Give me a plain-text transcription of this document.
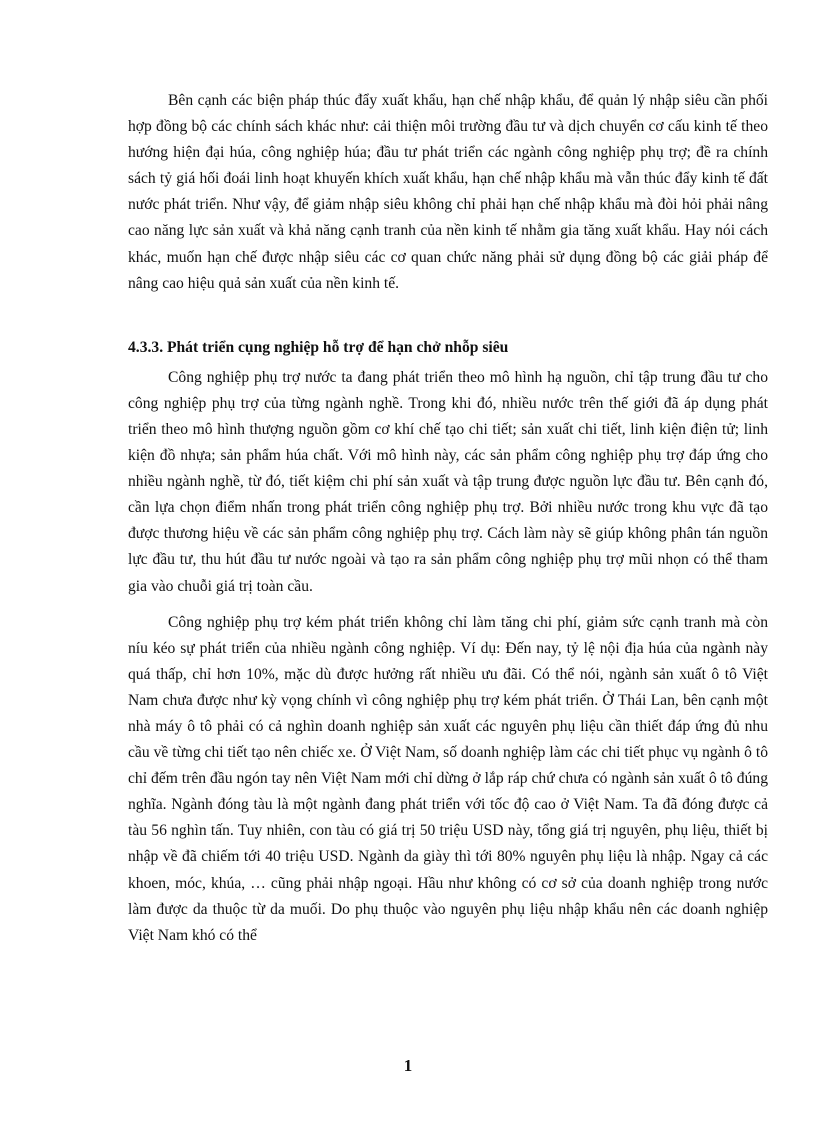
Bên cạnh các biện pháp thúc đẩy xuất khẩu, hạn chế nhập khẩu, để quản lý nhập siêu cần phối hợp đồng bộ các chính sách khác như: cải thiện môi trường đầu tư và dịch chuyển cơ cấu kinh tế theo hướng hiện đại húa, công nghiệp húa; đầu tư phát triển các ngành công nghiệp phụ trợ; đề ra chính sách tỷ giá hối đoái linh hoạt khuyến khích xuất khẩu, hạn chế nhập khẩu mà vẫn thúc đẩy kinh tế đất nước phát triển. Như vậy, để giảm nhập siêu không chỉ phải hạn chế nhập khẩu mà đòi hỏi phải nâng cao năng lực sản xuất và khả năng cạnh tranh của nền kinh tế nhằm gia tăng xuất khẩu. Hay nói cách khác, muốn hạn chế được nhập siêu các cơ quan chức năng phải sử dụng đồng bộ các giải pháp để nâng cao hiệu quả sản xuất của nền kinh tế.

4.3.3. Phát triển cụng nghiệp hỗ trợ để hạn chở nhỗp siêu

Công nghiệp phụ trợ nước ta đang phát triển theo mô hình hạ nguồn, chỉ tập trung đầu tư cho công nghiệp phụ trợ của từng ngành nghề. Trong khi đó, nhiều nước trên thế giới đã áp dụng phát triển theo mô hình thượng nguồn gồm cơ khí chế tạo chi tiết; sản xuất chi tiết, linh kiện điện tử; linh kiện đồ nhựa; sản phẩm húa chất. Với mô hình này, các sản phẩm công nghiệp phụ trợ đáp ứng cho nhiều ngành nghề, từ đó, tiết kiệm chi phí sản xuất và tập trung được nguồn lực đầu tư. Bên cạnh đó, cần lựa chọn điểm nhấn trong phát triển công nghiệp phụ trợ. Bởi nhiều nước trong khu vực đã tạo được thương hiệu về các sản phẩm công nghiệp phụ trợ. Cách làm này sẽ giúp không phân tán nguồn lực đầu tư, thu hút đầu tư nước ngoài và tạo ra sản phẩm công nghiệp phụ trợ mũi nhọn có thể tham gia vào chuỗi giá trị toàn cầu.

Công nghiệp phụ trợ kém phát triển không chỉ làm tăng chi phí, giảm sức cạnh tranh mà còn níu kéo sự phát triển của nhiều ngành công nghiệp. Ví dụ: Đến nay, tỷ lệ nội địa húa của ngành này quá thấp, chỉ hơn 10%, mặc dù được hưởng rất nhiều ưu đãi. Có thể nói, ngành sản xuất ô tô Việt Nam chưa được như kỳ vọng chính vì công nghiệp phụ trợ kém phát triển. Ở Thái Lan, bên cạnh một nhà máy ô tô phải có cả nghìn doanh nghiệp sản xuất các nguyên phụ liệu cần thiết đáp ứng đủ nhu cầu về từng chi tiết tạo nên chiếc xe. Ở Việt Nam, số doanh nghiệp làm các chi tiết phục vụ ngành ô tô chỉ đếm trên đầu ngón tay nên Việt Nam mới chỉ dừng ở lắp ráp chứ chưa có ngành sản xuất ô tô đúng nghĩa. Ngành đóng tàu là một ngành đang phát triển với tốc độ cao ở Việt Nam. Ta đã đóng được cả tàu 56 nghìn tấn. Tuy nhiên, con tàu có giá trị 50 triệu USD này, tổng giá trị nguyên, phụ liệu, thiết bị nhập về đã chiếm tới 40 triệu USD. Ngành da giày thì tới 80% nguyên phụ liệu là nhập. Ngay cả các khoen, móc, khúa, … cũng phải nhập ngoại. Hầu như không có cơ sở của doanh nghiệp trong nước làm được da thuộc từ da muối. Do phụ thuộc vào nguyên phụ liệu nhập khẩu nên các doanh nghiệp Việt Nam khó có thể

1
